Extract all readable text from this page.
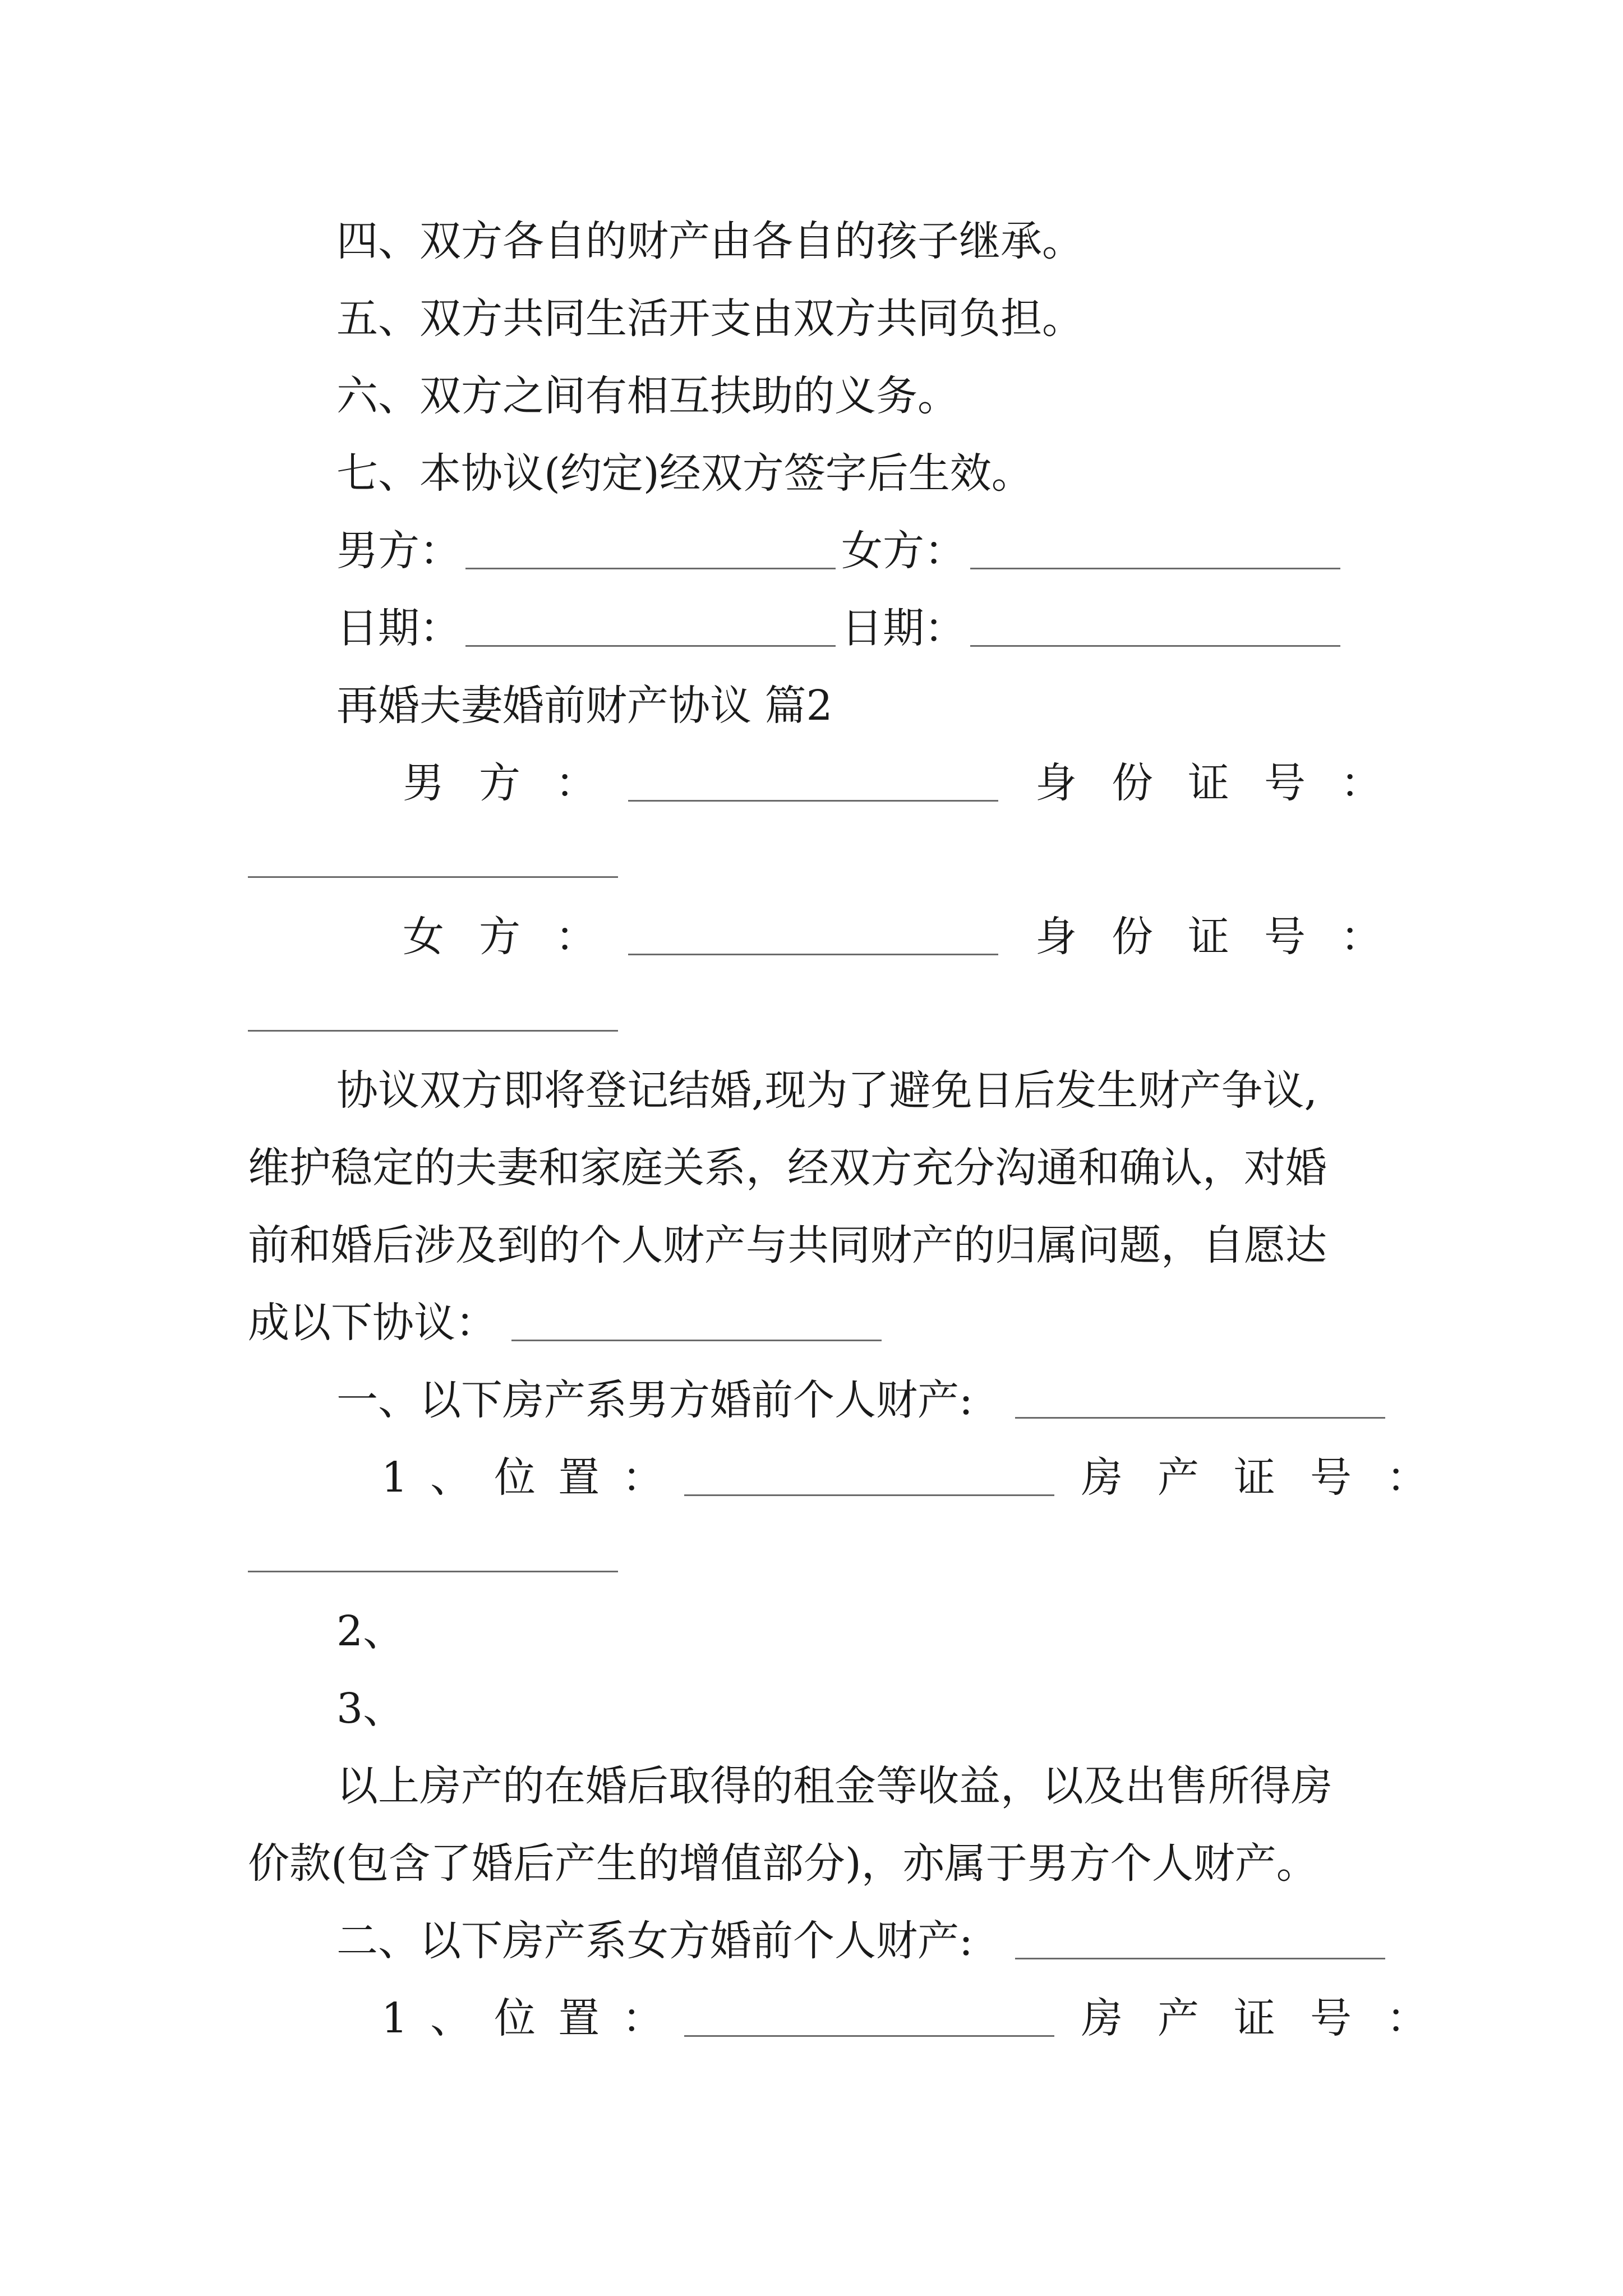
四、双方各自的财产由各自的孩子继承。
五、双方共同生活开支由双方共同负担。
六、双方之间有相互扶助的义务。
七、本协议(约定)经双方签字后生效。
男方：	女方：
日期：	日期：
再婚夫妻婚前财产协议 篇2
男方：	身份证号：
女方：	身份证号：
协议双方即将登记结婚,现为了避免日后发生财产争议,
维护稳定的夫妻和家庭关系，经双方充分沟通和确认，对婚
前和婚后涉及到的个人财产与共同财产的归属问题，自愿达
成以下协议：
一、以下房产系男方婚前个人财产:
1、位置：	房产证号：
2、
3、
以上房产的在婚后取得的租金等收益，以及出售所得房
价款(包含了婚后产生的增值部分)，亦属于男方个人财产。
二、以下房产系女方婚前个人财产:
1、位置：	房产证号：
